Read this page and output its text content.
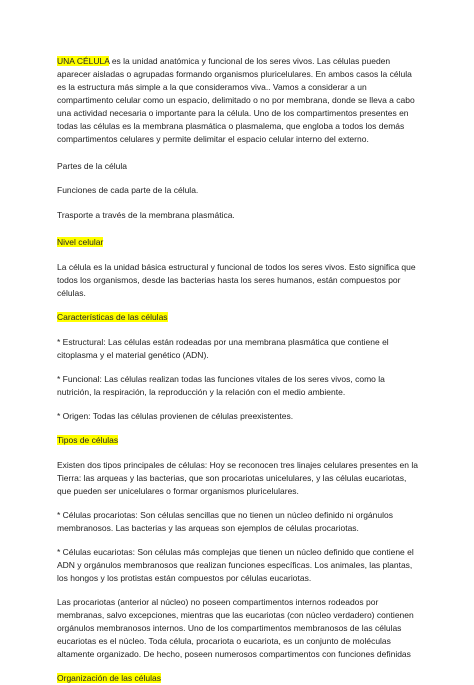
UNA CÉLULA es la unidad anatómica y funcional de los seres vivos. Las células pueden aparecer aisladas o agrupadas formando organismos pluricelulares. En ambos casos la célula es la estructura más simple a la que consideramos viva.. Vamos a considerar a un compartimento celular como un espacio, delimitado o no por membrana, donde se lleva a cabo una actividad necesaria o importante para la célula. Uno de los compartimentos presentes en todas las células es la membrana plasmática o plasmalema, que engloba a todos los demás compartimentos celulares y permite delimitar el espacio celular interno del externo.

Partes de la célula

Funciones de cada parte de la célula.

Trasporte a través de la membrana plasmática.

Nivel celular

La célula es la unidad básica estructural y funcional de todos los seres vivos. Esto significa que todos los organismos, desde las bacterias hasta los seres humanos, están compuestos por células.

Características de las células

* Estructural: Las células están rodeadas por una membrana plasmática que contiene el citoplasma y el material genético (ADN).

* Funcional: Las células realizan todas las funciones vitales de los seres vivos, como la nutrición, la respiración, la reproducción y la relación con el medio ambiente.

* Origen: Todas las células provienen de células preexistentes.

Tipos de células

Existen dos tipos principales de células: Hoy se reconocen tres linajes celulares presentes en la Tierra: las arqueas y las bacterias, que son procariotas unicelulares, y las células eucariotas, que pueden ser unicelulares o formar organismos pluricelulares.

* Células procariotas: Son células sencillas que no tienen un núcleo definido ni orgánulos membranosos. Las bacterias y las arqueas son ejemplos de células procariotas.

* Células eucariotas: Son células más complejas que tienen un núcleo definido que contiene el ADN y orgánulos membranosos que realizan funciones específicas. Los animales, las plantas, los hongos y los protistas están compuestos por células eucariotas.

Las procariotas (anterior al núcleo) no poseen compartimentos internos rodeados por membranas, salvo excepciones, mientras que las eucariotas (con núcleo verdadero) contienen orgánulos membranosos internos. Uno de los compartimentos membranosos de las células eucariotas es el núcleo. Toda célula, procariota o eucariota, es un conjunto de moléculas altamente organizado. De hecho, poseen numerosos compartimentos con funciones definidas

Organización de las células
